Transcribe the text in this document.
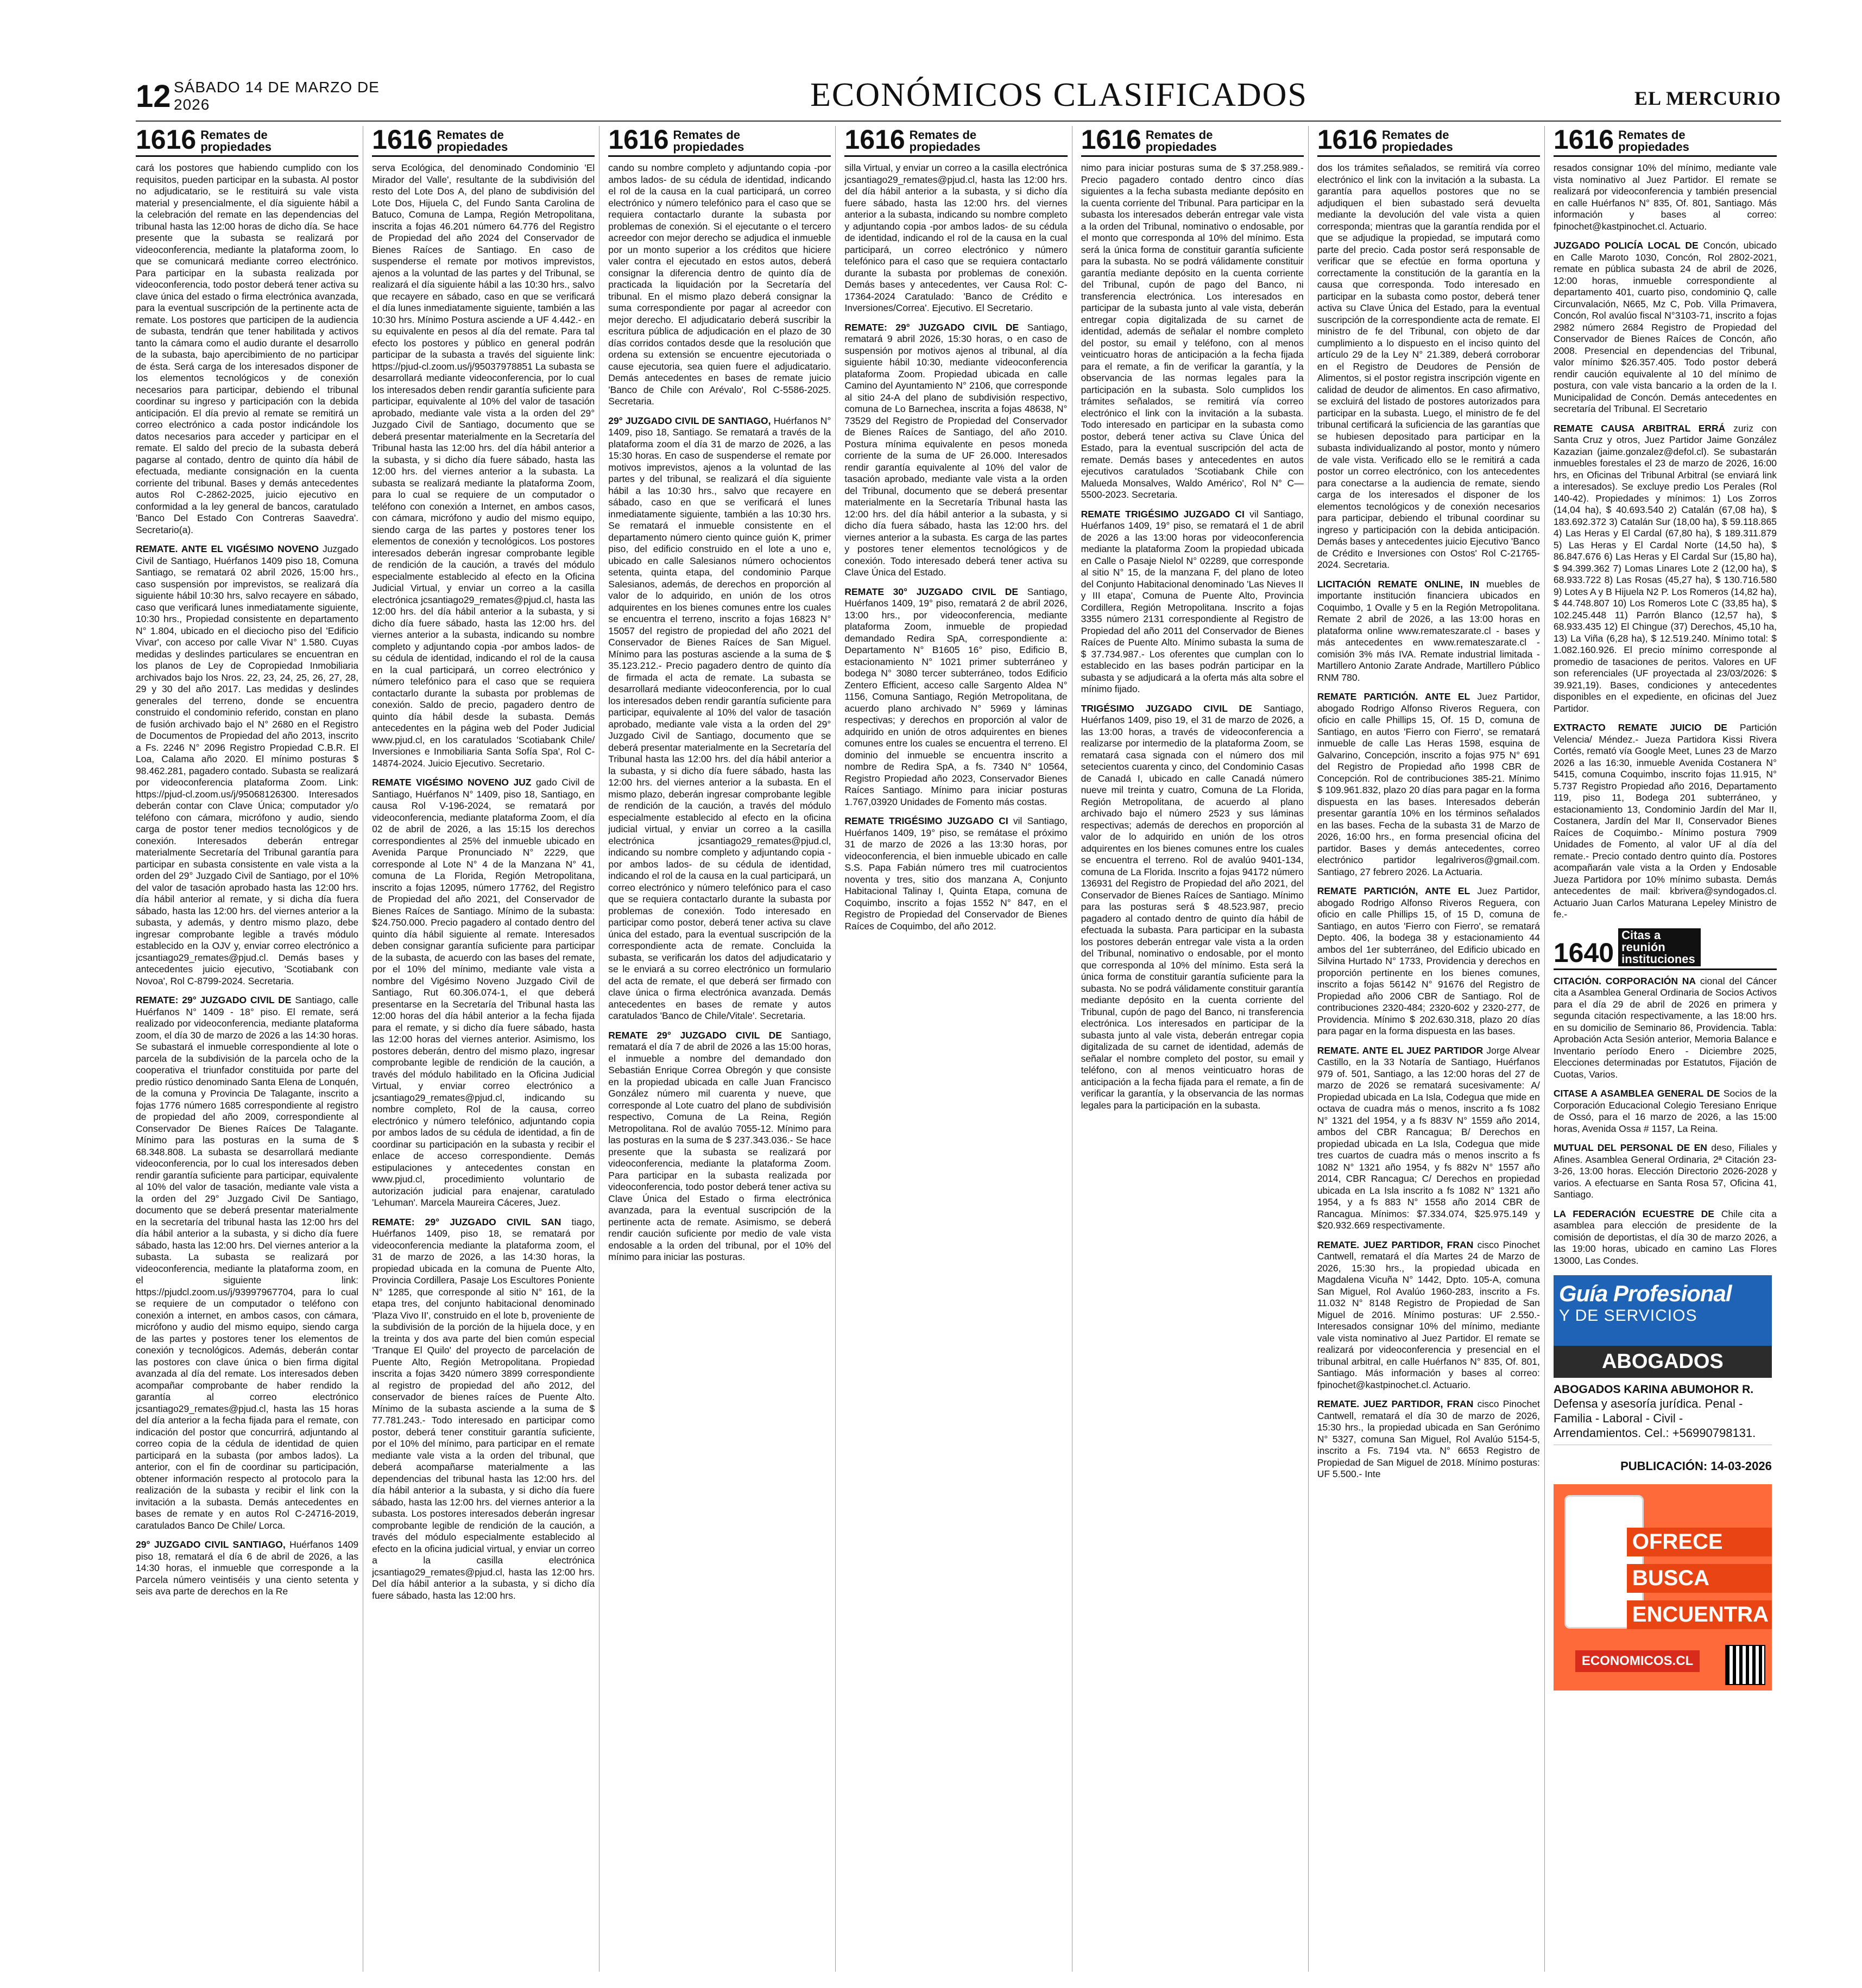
12 SÁBADO 14 DE MARZO DE 2026	ECONÓMICOS CLASIFICADOS	EL MERCURIO
1616 Remates de propiedades

cará los postores que habiendo cumplido con los requisitos, pueden participar en la subasta. Al postor no adjudicatario, se le restituirá su vale vista material y presencialmente, el día siguiente hábil a la celebración del remate en las dependencias del tribunal hasta las 12:00 horas de dicho día. Se hace presente que la subasta se realizará por videoconferencia, mediante la plataforma zoom, lo que se comunicará mediante correo electrónico. Para participar en la subasta realizada por videoconferencia, todo postor deberá tener activa su clave única del estado o firma electrónica avanzada, para la eventual suscripción de la pertinente acta de remate. Los postores que participen de la audiencia de subasta, tendrán que tener habilitada y activos tanto la cámara como el audio durante el desarrollo de la subasta, bajo apercibimiento de no participar de ésta. Será carga de los interesados disponer de los elementos tecnológicos y de conexión necesarios para participar, debiendo el tribunal coordinar su ingreso y participación con la debida anticipación. El día previo al remate se remitirá un correo electrónico a cada postor indicándole los datos necesarios para acceder y participar en el remate. El saldo del precio de la subasta deberá pagarse al contado, dentro de quinto día hábil de efectuada, mediante consignación en la cuenta corriente del tribunal. Bases y demás antecedentes autos Rol C-2862-2025, juicio ejecutivo en conformidad a la ley general de bancos, caratulado 'Banco Del Estado Con Contreras Saavedra'. Secretario(a).

REMATE. ANTE EL VIGÉSIMO NOVENO Juzgado Civil de Santiago, Huérfanos 1409 piso 18, Comuna Santiago, se rematará 02 abril 2026, 15:00 hrs., caso suspensión por imprevistos, se realizará día siguiente hábil 10:30 hrs, salvo recayere en sábado, caso que verificará lunes inmediatamente siguiente, 10:30 hrs., Propiedad consistente en departamento N° 1.804, ubicado en el dieciocho piso del 'Edificio Vivar', con acceso por calle Vivar N° 1.580. Cuyas medidas y deslindes particulares se encuentran en los planos de Ley de Copropiedad Inmobiliaria archivados bajo los Nros. 22, 23, 24, 25, 26, 27, 28, 29 y 30 del año 2017. Las medidas y deslindes generales del terreno, donde se encuentra construido el condominio referido, constan en plano de fusión archivado bajo el N° 2680 en el Registro de Documentos de Propiedad del año 2013, inscrito a Fs. 2246 N° 2096 Registro Propiedad C.B.R. El Loa, Calama año 2020. El mínimo posturas $ 98.462.281, pagadero contado. Subasta se realizará por videoconferencia plataforma Zoom. Link: https://pjud-cl.zoom.us/j/95068126300. Interesados deberán contar con Clave Única; computador y/o teléfono con cámara, micrófono y audio, siendo carga de postor tener medios tecnológicos y de conexión. Interesados deberán entregar materialmente Secretaría del Tribunal garantía para participar en subasta consistente en vale vista a la orden del 29° Juzgado Civil de Santiago, por el 10% del valor de tasación aprobado hasta las 12:00 hrs. día hábil anterior al remate, y si dicha día fuera sábado, hasta las 12:00 hrs. del viernes anterior a la subasta, y además, y dentro mismo plazo, debe ingresar comprobante legible a través módulo establecido en la OJV y, enviar correo electrónico a jcsantiago29_remates@pjud.cl. Demás bases y antecedentes juicio ejecutivo, 'Scotiabank con Novoa', Rol C-8799-2024. Secretaria.

REMATE: 29° JUZGADO CIVIL DE Santiago, calle Huérfanos N° 1409 - 18° piso. El remate, será realizado por videoconferencia, mediante plataforma zoom, el día 30 de marzo de 2026 a las 14:30 horas. Se subastará el inmueble correspondiente al lote o parcela de la subdivisión de la parcela ocho de la cooperativa el triunfador constituida por parte del predio rústico denominado Santa Elena de Lonquén, de la comuna y Provincia De Talagante, inscrito a fojas 1776 número 1685 correspondiente al registro de propiedad del año 2009, correspondiente al Conservador De Bienes Raíces De Talagante. Mínimo para las posturas en la suma de $ 68.348.808. La subasta se desarrollará mediante videoconferencia, por lo cual los interesados deben rendir garantía suficiente para participar, equivalente al 10% del valor de tasación, mediante vale vista a la orden del 29° Juzgado Civil De Santiago, documento que se deberá presentar materialmente en la secretaría del tribunal hasta las 12:00 hrs del día hábil anterior a la subasta, y si dicho día fuere sábado, hasta las 12:00 hrs. Del viernes anterior a la subasta. La subasta se realizará por videoconferencia, mediante la plataforma zoom, en el siguiente link: https://pjudcl.zoom.us/j/93997967704, para lo cual se requiere de un computador o teléfono con conexión a internet, en ambos casos, con cámara, micrófono y audio del mismo equipo, siendo carga de las partes y postores tener los elementos de conexión y tecnológicos. Además, deberán contar las postores con clave única o bien firma digital avanzada al día del remate. Los interesados deben acompañar comprobante de haber rendido la garantía al correo electrónico jcsantiago29_remates@pjud.cl, hasta las 15 horas del día anterior a la fecha fijada para el remate, con indicación del postor que concurrirá, adjuntando al correo copia de la cédula de identidad de quien participará en la subasta (por ambos lados). La anterior, con el fin de coordinar su participación, obtener información respecto al protocolo para la realización de la subasta y recibir el link con la invitación a la subasta. Demás antecedentes en bases de remate y en autos Rol C-24716-2019, caratulados Banco De Chile/ Lorca.

29° JUZGADO CIVIL SANTIAGO, Huérfanos 1409 piso 18, rematará el día 6 de abril de 2026, a las 14:30 horas, el inmueble que corresponde a la Parcela número veintiséis y una ciento setenta y seis ava parte de derechos en la Re

1616 Remates de propiedades

serva Ecológica, del denominado Condominio 'El Mirador del Valle', resultante de la subdivisión del resto del Lote Dos A, del plano de subdivisión del Lote Dos, Hijuela C, del Fundo Santa Carolina de Batuco, Comuna de Lampa, Región Metropolitana, inscrita a fojas 46.201 número 64.776 del Registro de Propiedad del año 2024 del Conservador de Bienes Raíces de Santiago. En caso de suspenderse el remate por motivos imprevistos, ajenos a la voluntad de las partes y del Tribunal, se realizará el día siguiente hábil a las 10:30 hrs., salvo que recayere en sábado, caso en que se verificará el día lunes inmediatamente siguiente, también a las 10:30 hrs. Mínimo Postura asciende a UF 4.442.- en su equivalente en pesos al día del remate. Para tal efecto los postores y público en general podrán participar de la subasta a través del siguiente link: https://pjud-cl.zoom.us/j/95037978851 La subasta se desarrollará mediante videoconferencia, por lo cual los interesados deben rendir garantía suficiente para participar, equivalente al 10% del valor de tasación aprobado, mediante vale vista a la orden del 29° Juzgado Civil de Santiago, documento que se deberá presentar materialmente en la Secretaría del Tribunal hasta las 12:00 hrs. del día hábil anterior a la subasta, y si dicho día fuere sábado, hasta las 12:00 hrs. del viernes anterior a la subasta. La subasta se realizará mediante la plataforma Zoom, para lo cual se requiere de un computador o teléfono con conexión a Internet, en ambos casos, con cámara, micrófono y audio del mismo equipo, siendo carga de las partes y postores tener los elementos de conexión y tecnológicos. Los postores interesados deberán ingresar comprobante legible de rendición de la caución, a través del módulo especialmente establecido al efecto en la Oficina Judicial Virtual, y enviar un correo a la casilla electrónica jcsantiago29_remates@pjud.cl, hasta las 12:00 hrs. del día hábil anterior a la subasta, y si dicho día fuere sábado, hasta las 12:00 hrs. del viernes anterior a la subasta, indicando su nombre completo y adjuntando copia -por ambos lados- de su cédula de identidad, indicando el rol de la causa en la cual participará, un correo electrónico y número telefónico para el caso que se requiera contactarlo durante la subasta por problemas de conexión. Saldo de precio, pagadero dentro de quinto día hábil desde la subasta. Demás antecedentes en la página web del Poder Judicial www.pjud.cl, en los caratulados 'Scotiabank Chile/ Inversiones e Inmobiliaria Santa Sofía Spa', Rol C-14874-2024. Juicio Ejecutivo. Secretario.

REMATE VIGÉSIMO NOVENO JUZ gado Civil de Santiago, Huérfanos N° 1409, piso 18, Santiago, en causa Rol V-196-2024, se rematará por videoconferencia, mediante plataforma Zoom, el día 02 de abril de 2026, a las 15:15 los derechos correspondientes al 25% del inmueble ubicado en Avenida Parque Pronunciado N° 2229, que corresponde al Lote N° 4 de la Manzana N° 41, comuna de La Florida, Región Metropolitana, inscrito a fojas 12095, número 17762, del Registro de Propiedad del año 2021, del Conservador de Bienes Raíces de Santiago. Mínimo de la subasta: $24.750.000. Precio pagadero al contado dentro del quinto día hábil siguiente al remate. Interesados deben consignar garantía suficiente para participar de la subasta, de acuerdo con las bases del remate, por el 10% del mínimo, mediante vale vista a nombre del Vigésimo Noveno Juzgado Civil de Santiago, Rut 60.306.074-1, el que deberá presentarse en la Secretaría del Tribunal hasta las 12:00 horas del día hábil anterior a la fecha fijada para el remate, y si dicho día fuere sábado, hasta las 12:00 horas del viernes anterior. Asimismo, los postores deberán, dentro del mismo plazo, ingresar comprobante legible de rendición de la caución, a través del módulo habilitado en la Oficina Judicial Virtual, y enviar correo electrónico a jcsantiago29_remates@pjud.cl, indicando su nombre completo, Rol de la causa, correo electrónico y número telefónico, adjuntando copia por ambos lados de su cédula de identidad, a fin de coordinar su participación en la subasta y recibir el enlace de acceso correspondiente. Demás estipulaciones y antecedentes constan en www.pjud.cl, procedimiento voluntario de autorización judicial para enajenar, caratulado 'Lehuman'. Marcela Maureira Cáceres, Juez.

REMATE: 29° JUZGADO CIVIL SAN tiago, Huérfanos 1409, piso 18, se rematará por videoconferencia mediante la plataforma zoom, el 31 de marzo de 2026, a las 14:30 horas, la propiedad ubicada en la comuna de Puente Alto, Provincia Cordillera, Pasaje Los Escultores Poniente N° 1285, que corresponde al sitio N° 161, de la etapa tres, del conjunto habitacional denominado 'Plaza Vivo II', construido en el lote b, proveniente de la subdivisión de la porción de la hijuela doce, y en la treinta y dos ava parte del bien común especial 'Tranque El Quilo' del proyecto de parcelación de Puente Alto, Región Metropolitana. Propiedad inscrita a fojas 3420 número 3899 correspondiente al registro de propiedad del año 2012, del conservador de bienes raíces de Puente Alto. Mínimo de la subasta asciende a la suma de $ 77.781.243.- Todo interesado en participar como postor, deberá tener constituir garantía suficiente, por el 10% del mínimo, para participar en el remate mediante vale vista a la orden del tribunal, que deberá acompañarse materialmente a las dependencias del tribunal hasta las 12:00 hrs. del día hábil anterior a la subasta, y si dicho día fuere sábado, hasta las 12:00 hrs. del viernes anterior a la subasta. Los postores interesados deberán ingresar comprobante legible de rendición de la caución, a través del módulo especialmente establecido al efecto en la oficina judicial virtual, y enviar un correo a la casilla electrónica jcsantiago29_remates@pjud.cl, hasta las 12:00 hrs. Del día hábil anterior a la subasta, y si dicho día fuere sábado, hasta las 12:00 hrs.

1616 Remates de propiedades

cando su nombre completo y adjuntando copia -por ambos lados- de su cédula de identidad, indicando el rol de la causa en la cual participará, un correo electrónico y número telefónico para el caso que se requiera contactarlo durante la subasta por problemas de conexión. Si el ejecutante o el tercero acreedor con mejor derecho se adjudica el inmueble por un monto superior a los créditos que hiciere valer contra el ejecutado en estos autos, deberá consignar la diferencia dentro de quinto día de practicada la liquidación por la Secretaría del tribunal. En el mismo plazo deberá consignar la suma correspondiente por pagar al acreedor con mejor derecho. El adjudicatario deberá suscribir la escritura pública de adjudicación en el plazo de 30 días corridos contados desde que la resolución que ordena su extensión se encuentre ejecutoriada o cause ejecutoria, sea quien fuere el adjudicatario. Demás antecedentes en bases de remate juicio 'Banco de Chile con Arévalo', Rol C-5586-2025. Secretaria.

29° JUZGADO CIVIL DE SANTIAGO, Huérfanos N° 1409, piso 18, Santiago. Se rematará a través de la plataforma zoom el día 31 de marzo de 2026, a las 15:30 horas. En caso de suspenderse el remate por motivos imprevistos, ajenos a la voluntad de las partes y del tribunal, se realizará el día siguiente hábil a las 10:30 hrs., salvo que recayere en sábado, caso en que se verificará el lunes inmediatamente siguiente, también a las 10:30 hrs. Se rematará el inmueble consistente en el departamento número ciento quince guión K, primer piso, del edificio construido en el lote a uno e, ubicado en calle Salesianos número ochocientos setenta, quinta etapa, del condominio Parque Salesianos, además, de derechos en proporción al valor de lo adquirido, en unión de los otros adquirentes en los bienes comunes entre los cuales se encuentra el terreno, inscrito a fojas 16823 N° 15057 del registro de propiedad del año 2021 del Conservador de Bienes Raíces de San Miguel. Mínimo para las posturas asciende a la suma de $ 35.123.212.- Precio pagadero dentro de quinto día de firmada el acta de remate. La subasta se desarrollará mediante videoconferencia, por lo cual los interesados deben rendir garantía suficiente para participar, equivalente al 10% del valor de tasación aprobado, mediante vale vista a la orden del 29° Juzgado Civil de Santiago, documento que se deberá presentar materialmente en la Secretaría del Tribunal hasta las 12:00 hrs. del día hábil anterior a la subasta, y si dicho día fuere sábado, hasta las 12:00 hrs. del viernes anterior a la subasta. En el mismo plazo, deberán ingresar comprobante legible de rendición de la caución, a través del módulo especialmente establecido al efecto en la oficina judicial virtual, y enviar un correo a la casilla electrónica jcsantiago29_remates@pjud.cl, indicando su nombre completo y adjuntando copia -por ambos lados- de su cédula de identidad, indicando el rol de la causa en la cual participará, un correo electrónico y número telefónico para el caso que se requiera contactarlo durante la subasta por problemas de conexión. Todo interesado en participar como postor, deberá tener activa su clave única del estado, para la eventual suscripción de la correspondiente acta de remate. Concluida la subasta, se verificarán los datos del adjudicatario y se le enviará a su correo electrónico un formulario del acta de remate, el que deberá ser firmado con clave única o firma electrónica avanzada. Demás antecedentes en bases de remate y autos caratulados 'Banco de Chile/Vitale'. Secretaria.

REMATE 29° JUZGADO CIVIL DE Santiago, rematará el día 7 de abril de 2026 a las 15:00 horas, el inmueble a nombre del demandado don Sebastián Enrique Correa Obregón y que consiste en la propiedad ubicada en calle Juan Francisco González número mil cuarenta y nueve, que corresponde al Lote cuatro del plano de subdivisión respectivo, Comuna de La Reina, Región Metropolitana. Rol de avalúo 7055-12. Mínimo para las posturas en la suma de $ 237.343.036.- Se hace presente que la subasta se realizará por videoconferencia, mediante la plataforma Zoom. Para participar en la subasta realizada por videoconferencia, todo postor deberá tener activa su Clave Única del Estado o firma electrónica avanzada, para la eventual suscripción de la pertinente acta de remate. Asimismo, se deberá rendir caución suficiente por medio de vale vista endosable a la orden del tribunal, por el 10% del mínimo para iniciar las posturas.

1616 Remates de propiedades

silla Virtual, y enviar un correo a la casilla electrónica jcsantiago29_remates@pjud.cl, hasta las 12:00 hrs. del día hábil anterior a la subasta, y si dicho día fuere sábado, hasta las 12:00 hrs. del viernes anterior a la subasta, indicando su nombre completo y adjuntando copia -por ambos lados- de su cédula de identidad, indicando el rol de la causa en la cual participará, un correo electrónico y número telefónico para el caso que se requiera contactarlo durante la subasta por problemas de conexión. Demás bases y antecedentes, ver Causa Rol: C-17364-2024 Caratulado: 'Banco de Crédito e Inversiones/Correa'. Ejecutivo. El Secretario.

REMATE: 29° JUZGADO CIVIL DE Santiago, rematará 9 abril 2026, 15:30 horas, o en caso de suspensión por motivos ajenos al tribunal, al día siguiente hábil 10:30, mediante videoconferencia plataforma Zoom. Propiedad ubicada en calle Camino del Ayuntamiento N° 2106, que corresponde al sitio 24-A del plano de subdivisión respectivo, comuna de Lo Barnechea, inscrita a fojas 48638, N° 73529 del Registro de Propiedad del Conservador de Bienes Raíces de Santiago, del año 2010. Postura mínima equivalente en pesos moneda corriente de la suma de UF 26.000. Interesados rendir garantía equivalente al 10% del valor de tasación aprobado, mediante vale vista a la orden del Tribunal, documento que se deberá presentar materialmente en la Secretaría Tribunal hasta las 12:00 hrs. del día hábil anterior a la subasta, y si dicho día fuera sábado, hasta las 12:00 hrs. del viernes anterior a la subasta. Es carga de las partes y postores tener elementos tecnológicos y de conexión. Todo interesado deberá tener activa su Clave Única del Estado.

REMATE 30° JUZGADO CIVIL DE Santiago, Huérfanos 1409, 19° piso, rematará 2 de abril 2026, 13:00 hrs., por videoconferencia, mediante plataforma Zoom, inmueble de propiedad demandado Redira SpA, correspondiente a: Departamento N° B1605 16° piso, Edificio B, estacionamiento N° 1021 primer subterráneo y bodega N° 3080 tercer subterráneo, todos Edificio Zentero Efficient, acceso calle Sargento Aldea N° 1156, Comuna Santiago, Región Metropolitana, de acuerdo plano archivado N° 5969 y láminas respectivas; y derechos en proporción al valor de adquirido en unión de otros adquirentes en bienes comunes entre los cuales se encuentra el terreno. El dominio del inmueble se encuentra inscrito a nombre de Redira SpA, a fs. 7340 N° 10564, Registro Propiedad año 2023, Conservador Bienes Raíces Santiago. Mínimo para iniciar posturas 1.767,03920 Unidades de Fomento más costas.

REMATE TRIGÉSIMO JUZGADO CI vil Santiago, Huérfanos 1409, 19° piso, se remátase el próximo 31 de marzo de 2026 a las 13:30 horas, por videoconferencia, el bien inmueble ubicado en calle S.S. Papa Fabián número tres mil cuatrocientos noventa y tres, sitio dos manzana A, Conjunto Habitacional Talinay I, Quinta Etapa, comuna de Coquimbo, inscrito a fojas 1552 N° 847, en el Registro de Propiedad del Conservador de Bienes Raíces de Coquimbo, del año 2012.

1616 Remates de propiedades

nimo para iniciar posturas suma de $ 37.258.989.- Precio pagadero contado dentro cinco días siguientes a la fecha subasta mediante depósito en la cuenta corriente del Tribunal. Para participar en la subasta los interesados deberán entregar vale vista a la orden del Tribunal, nominativo o endosable, por el monto que corresponda al 10% del mínimo. Esta será la única forma de constituir garantía suficiente para la subasta. No se podrá válidamente constituir garantía mediante depósito en la cuenta corriente del Tribunal, cupón de pago del Banco, ni transferencia electrónica. Los interesados en participar de la subasta junto al vale vista, deberán entregar copia digitalizada de su carnet de identidad, además de señalar el nombre completo del postor, su email y teléfono, con al menos veinticuatro horas de anticipación a la fecha fijada para el remate, a fin de verificar la garantía, y la observancia de las normas legales para la participación en la subasta. Solo cumplidos los trámites señalados, se remitirá vía correo electrónico el link con la invitación a la subasta. Todo interesado en participar en la subasta como postor, deberá tener activa su Clave Única del Estado, para la eventual suscripción del acta de remate. Demás bases y antecedentes en autos ejecutivos caratulados 'Scotiabank Chile con Malueda Monsalves, Waldo Américo', Rol N° C—5500-2023. Secretaria.

REMATE TRIGÉSIMO JUZGADO CI vil Santiago, Huérfanos 1409, 19° piso, se rematará el 1 de abril de 2026 a las 13:00 horas por videoconferencia mediante la plataforma Zoom la propiedad ubicada en Calle o Pasaje Nielol N° 02289, que corresponde al sitio N° 15, de la manzana F, del plano de loteo del Conjunto Habitacional denominado 'Las Nieves II y III etapa', Comuna de Puente Alto, Provincia Cordillera, Región Metropolitana. Inscrito a fojas 3355 número 2131 correspondiente al Registro de Propiedad del año 2011 del Conservador de Bienes Raíces de Puente Alto. Mínimo subasta la suma de $ 37.734.987.- Los oferentes que cumplan con lo establecido en las bases podrán participar en la subasta y se adjudicará a la oferta más alta sobre el mínimo fijado.

TRIGÉSIMO JUZGADO CIVIL DE Santiago, Huérfanos 1409, piso 19, el 31 de marzo de 2026, a las 13:00 horas, a través de videoconferencia a realizarse por intermedio de la plataforma Zoom, se rematará casa signada con el número dos mil setecientos cuarenta y cinco, del Condominio Casas de Canadá I, ubicado en calle Canadá número nueve mil treinta y cuatro, Comuna de La Florida, Región Metropolitana, de acuerdo al plano archivado bajo el número 2523 y sus láminas respectivas; además de derechos en proporción al valor de lo adquirido en unión de los otros adquirentes en los bienes comunes entre los cuales se encuentra el terreno. Rol de avalúo 9401-134, comuna de La Florida. Inscrito a fojas 94172 número 136931 del Registro de Propiedad del año 2021, del Conservador de Bienes Raíces de Santiago. Mínimo para las posturas será $ 48.523.987, precio pagadero al contado dentro de quinto día hábil de efectuada la subasta. Para participar en la subasta los postores deberán entregar vale vista a la orden del Tribunal, nominativo o endosable, por el monto que corresponda al 10% del mínimo. Esta será la única forma de constituir garantía suficiente para la subasta. No se podrá válidamente constituir garantía mediante depósito en la cuenta corriente del Tribunal, cupón de pago del Banco, ni transferencia electrónica. Los interesados en participar de la subasta junto al vale vista, deberán entregar copia digitalizada de su carnet de identidad, además de señalar el nombre completo del postor, su email y teléfono, con al menos veinticuatro horas de anticipación a la fecha fijada para el remate, a fin de verificar la garantía, y la observancia de las normas legales para la participación en la subasta.

1616 Remates de propiedades

dos los trámites señalados, se remitirá vía correo electrónico el link con la invitación a la subasta. La garantía para aquellos postores que no se adjudiquen el bien subastado será devuelta mediante la devolución del vale vista a quien corresponda; mientras que la garantía rendida por el que se adjudique la propiedad, se imputará como parte del precio. Cada postor será responsable de verificar que se efectúe en forma oportuna y correctamente la constitución de la garantía en la causa que corresponda. Todo interesado en participar en la subasta como postor, deberá tener activa su Clave Única del Estado, para la eventual suscripción de la correspondiente acta de remate. El ministro de fe del Tribunal, con objeto de dar cumplimiento a lo dispuesto en el inciso quinto del artículo 29 de la Ley N° 21.389, deberá corroborar en el Registro de Deudores de Pensión de Alimentos, si el postor registra inscripción vigente en calidad de deudor de alimentos. En caso afirmativo, se excluirá del listado de postores autorizados para participar en la subasta. Luego, el ministro de fe del tribunal certificará la suficiencia de las garantías que se hubiesen depositado para participar en la subasta individualizando al postor, monto y número de vale vista. Verificado ello se le remitirá a cada postor un correo electrónico, con los antecedentes para conectarse a la audiencia de remate, siendo carga de los interesados el disponer de los elementos tecnológicos y de conexión necesarios para participar, debiendo el tribunal coordinar su ingreso y participación con la debida anticipación. Demás bases y antecedentes juicio Ejecutivo 'Banco de Crédito e Inversiones con Ostos' Rol C-21765-2024. Secretaria.

LICITACIÓN REMATE ONLINE, IN muebles de importante institución financiera ubicados en Coquimbo, 1 Ovalle y 5 en la Región Metropolitana. Remate 2 abril de 2026, a las 13:00 horas en plataforma online www.remateszarate.cl - bases y más antecedentes en www.remateszarate.cl - comisión 3% más IVA. Remate industrial limitada - Martillero Antonio Zarate Andrade, Martillero Público RNM 780.

REMATE PARTICIÓN. ANTE EL Juez Partidor, abogado Rodrigo Alfonso Riveros Reguera, con oficio en calle Phillips 15, Of. 15 D, comuna de Santiago, en autos 'Fierro con Fierro', se rematará inmueble de calle Las Heras 1598, esquina de Galvarino, Concepción, inscrito a fojas 975 N° 691 del Registro de Propiedad año 1998 CBR de Concepción. Rol de contribuciones 385-21. Mínimo $ 109.961.832, plazo 20 días para pagar en la forma dispuesta en las bases. Interesados deberán presentar garantía 10% en los términos señalados en las bases. Fecha de la subasta 31 de Marzo de 2026, 16:00 hrs., en forma presencial oficina del partidor. Bases y demás antecedentes, correo electrónico partidor legalriveros@gmail.com. Santiago, 27 febrero 2026. La Actuaria.

REMATE PARTICIÓN, ANTE EL Juez Partidor, abogado Rodrigo Alfonso Riveros Reguera, con oficio en calle Phillips 15, of 15 D, comuna de Santiago, en autos 'Fierro con Fierro', se rematará Depto. 406, la bodega 38 y estacionamiento 44 ambos del 1er subterráneo, del Edificio ubicado en Silvina Hurtado N° 1733, Providencia y derechos en proporción pertinente en los bienes comunes, inscrito a fojas 56142 N° 91676 del Registro de Propiedad año 2006 CBR de Santiago. Rol de contribuciones 2320-484; 2320-602 y 2320-277, de Providencia. Mínimo $ 202.630.318, plazo 20 días para pagar en la forma dispuesta en las bases.

REMATE. ANTE EL JUEZ PARTIDOR Jorge Alvear Castillo, en la 33 Notaría de Santiago, Huérfanos 979 of. 501, Santiago, a las 12:00 horas del 27 de marzo de 2026 se rematará sucesivamente: A/ Propiedad ubicada en La Isla, Codegua que mide en octava de cuadra más o menos, inscrito a fs 1082 N° 1321 del 1954, y a fs 883V N° 1559 año 2014, ambos del CBR Rancagua; B/ Derechos en propiedad ubicada en La Isla, Codegua que mide tres cuartos de cuadra más o menos inscrito a fs 1082 N° 1321 año 1954, y fs 882v N° 1557 año 2014, CBR Rancagua; C/ Derechos en propiedad ubicada en La Isla inscrito a fs 1082 N° 1321 año 1954, y a fs 883 N° 1558 año 2014 CBR de Rancagua. Mínimos: $7.334.074, $25.975.149 y $20.932.669 respectivamente.

REMATE. JUEZ PARTIDOR, FRAN cisco Pinochet Cantwell, rematará el día Martes 24 de Marzo de 2026, 15:30 hrs., la propiedad ubicada en Magdalena Vicuña N° 1442, Dpto. 105-A, comuna San Miguel, Rol Avalúo 1960-283, inscrito a Fs. 11.032 N° 8148 Registro de Propiedad de San Miguel de 2016. Mínimo posturas: UF 2.550.- Interesados consignar 10% del mínimo, mediante vale vista nominativo al Juez Partidor. El remate se realizará por videoconferencia y presencial en el tribunal arbitral, en calle Huérfanos N° 835, Of. 801, Santiago. Más información y bases al correo: fpinochet@kastpinochet.cl. Actuario.

REMATE. JUEZ PARTIDOR, FRAN cisco Pinochet Cantwell, rematará el día 30 de marzo de 2026, 15:30 hrs., la propiedad ubicada en San Gerónimo N° 5327, comuna San Miguel, Rol Avalúo 5154-5, inscrito a Fs. 7194 vta. N° 6653 Registro de Propiedad de San Miguel de 2018. Mínimo posturas: UF 5.500.- Inte

1616 Remates de propiedades

resados consignar 10% del mínimo, mediante vale vista nominativo al Juez Partidor. El remate se realizará por videoconferencia y también presencial en calle Huérfanos N° 835, Of. 801, Santiago. Más información y bases al correo: fpinochet@kastpinochet.cl. Actuario.

JUZGADO POLICÍA LOCAL DE Concón, ubicado en Calle Maroto 1030, Concón, Rol 2802-2021, remate en pública subasta 24 de abril de 2026, 12:00 horas, inmueble correspondiente al departamento 401, cuarto piso, condominio Q, calle Circunvalación, N665, Mz C, Pob. Villa Primavera, Concón, Rol avalúo fiscal N°3103-71, inscrito a fojas 2982 número 2684 Registro de Propiedad del Conservador de Bienes Raíces de Concón, año 2008. Presencial en dependencias del Tribunal, valor mínimo $26.357.405. Todo postor deberá rendir caución equivalente al 10 del mínimo de postura, con vale vista bancario a la orden de la I. Municipalidad de Concón. Demás antecedentes en secretaría del Tribunal. El Secretario

REMATE CAUSA ARBITRAL ERRÁ zuriz con Santa Cruz y otros, Juez Partidor Jaime González Kazazian (jaime.gonzalez@defol.cl). Se subastarán inmuebles forestales el 23 de marzo de 2026, 16:00 hrs, en Oficinas del Tribunal Arbitral (se enviará link a interesados). Se excluye predio Los Perales (Rol 140-42). Propiedades y mínimos: 1) Los Zorros (14,04 ha), $ 40.693.540 2) Catalán (67,08 ha), $ 183.692.372 3) Catalán Sur (18,00 ha), $ 59.118.865 4) Las Heras y El Cardal (67,80 ha), $ 189.311.879 5) Las Heras y El Cardal Norte (14,50 ha), $ 86.847.676 6) Las Heras y El Cardal Sur (15,80 ha), $ 94.399.362 7) Lomas Linares Lote 2 (12,00 ha), $ 68.933.722 8) Las Rosas (45,27 ha), $ 130.716.580 9) Lotes A y B Hijuela N2 P. Los Romeros (14,82 ha), $ 44.748.807 10) Los Romeros Lote C (33,85 ha), $ 102.245.448 11) Parrón Blanco (12,57 ha), $ 68.933.435 12) El Chingue (37) Derechos, 45,10 ha, 13) La Viña (6,28 ha), $ 12.519.240. Mínimo total: $ 1.082.160.926. El precio mínimo corresponde al promedio de tasaciones de peritos. Valores en UF son referenciales (UF proyectada al 23/03/2026: $ 39.921,19). Bases, condiciones y antecedentes disponibles en el expediente, en oficinas del Juez Partidor.

EXTRACTO REMATE JUICIO DE Partición Velencia/ Méndez.- Jueza Partidora Kissi Rivera Cortés, remató vía Google Meet, Lunes 23 de Marzo 2026 a las 16:30, inmueble Avenida Costanera N° 5415, comuna Coquimbo, inscrito fojas 11.915, N° 5.737 Registro Propiedad año 2016, Departamento 119, piso 11, Bodega 201 subterráneo, y estacionamiento 13, Condominio Jardín del Mar II, Costanera, Jardín del Mar II, Conservador Bienes Raíces de Coquimbo.- Mínimo postura 7909 Unidades de Fomento, al valor UF al día del remate.- Precio contado dentro quinto día. Postores acompañarán vale vista a la Orden y Endosable Jueza Partidora por 10% mínimo subasta. Demás antecedentes de mail: kbrivera@syndogados.cl. Actuario Juan Carlos Maturana Lepeley Ministro de fe.-

1640
Citas a reunión instituciones

CITACIÓN. CORPORACIÓN NA cional del Cáncer cita a Asamblea General Ordinaria de Socios Activos para el día 29 de abril de 2026 en primera y segunda citación respectivamente, a las 18:00 hrs. en su domicilio de Seminario 86, Providencia. Tabla: Aprobación Acta Sesión anterior, Memoria Balance e Inventario período Enero - Diciembre 2025, Elecciones determinadas por Estatutos, Fijación de Cuotas, Varios.

CITASE A ASAMBLEA GENERAL DE Socios de la Corporación Educacional Colegio Teresiano Enrique de Ossó, para el 16 marzo de 2026, a las 15:00 horas, Avenida Ossa # 1157, La Reina.

MUTUAL DEL PERSONAL DE EN deso, Filiales y Afines. Asamblea General Ordinaria, 2ª Citación 23-3-26, 13:00 horas. Elección Directorio 2026-2028 y varios. A efectuarse en Santa Rosa 57, Oficina 41, Santiago.

LA FEDERACIÓN ECUESTRE DE Chile cita a asamblea para elección de presidente de la comisión de deportistas, el día 30 de marzo 2026, a las 19:00 horas, ubicado en camino Las Flores 13000, Las Condes.

Guía Profesional
Y DE SERVICIOS
ABOGADOS
ABOGADOS KARINA ABUMOHOR R.
Defensa y asesoría jurídica. Penal - Familia - Laboral - Civil - Arrendamientos. Cel.: +56990798131.
PUBLICACIÓN: 14-03-2026
OFRECE
BUSCA
ENCUENTRA
ECONOMICOS.CL
